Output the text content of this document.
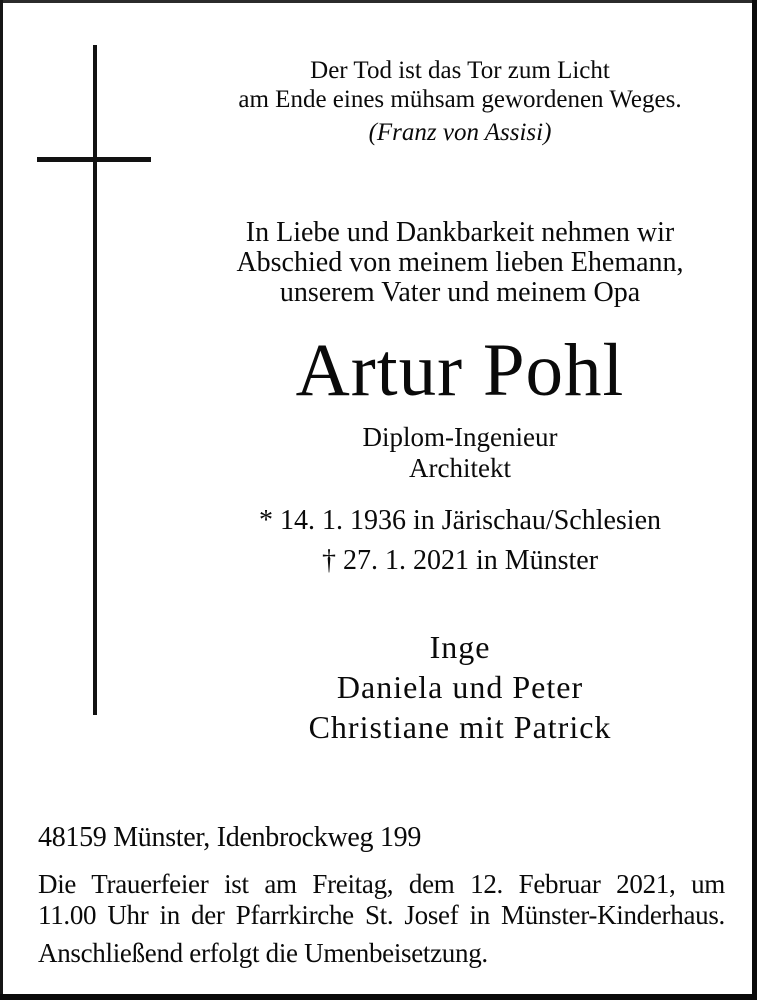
Der Tod ist das Tor zum Licht
am Ende eines mühsam gewordenen Weges.
(Franz von Assisi)
In Liebe und Dankbarkeit nehmen wir
Abschied von meinem lieben Ehemann,
unserem Vater und meinem Opa
Artur Pohl
Diplom-Ingenieur
Architekt
* 14. 1. 1936 in Järischau/Schlesien
† 27. 1. 2021 in Münster
Inge
Daniela und Peter
Christiane mit Patrick
48159 Münster, Idenbrockweg 199
Die Trauerfeier ist am Freitag, dem 12. Februar 2021, um
11.00 Uhr in der Pfarrkirche St. Josef in Münster-Kinderhaus.
Anschließend erfolgt die Umenbeisetzung.
